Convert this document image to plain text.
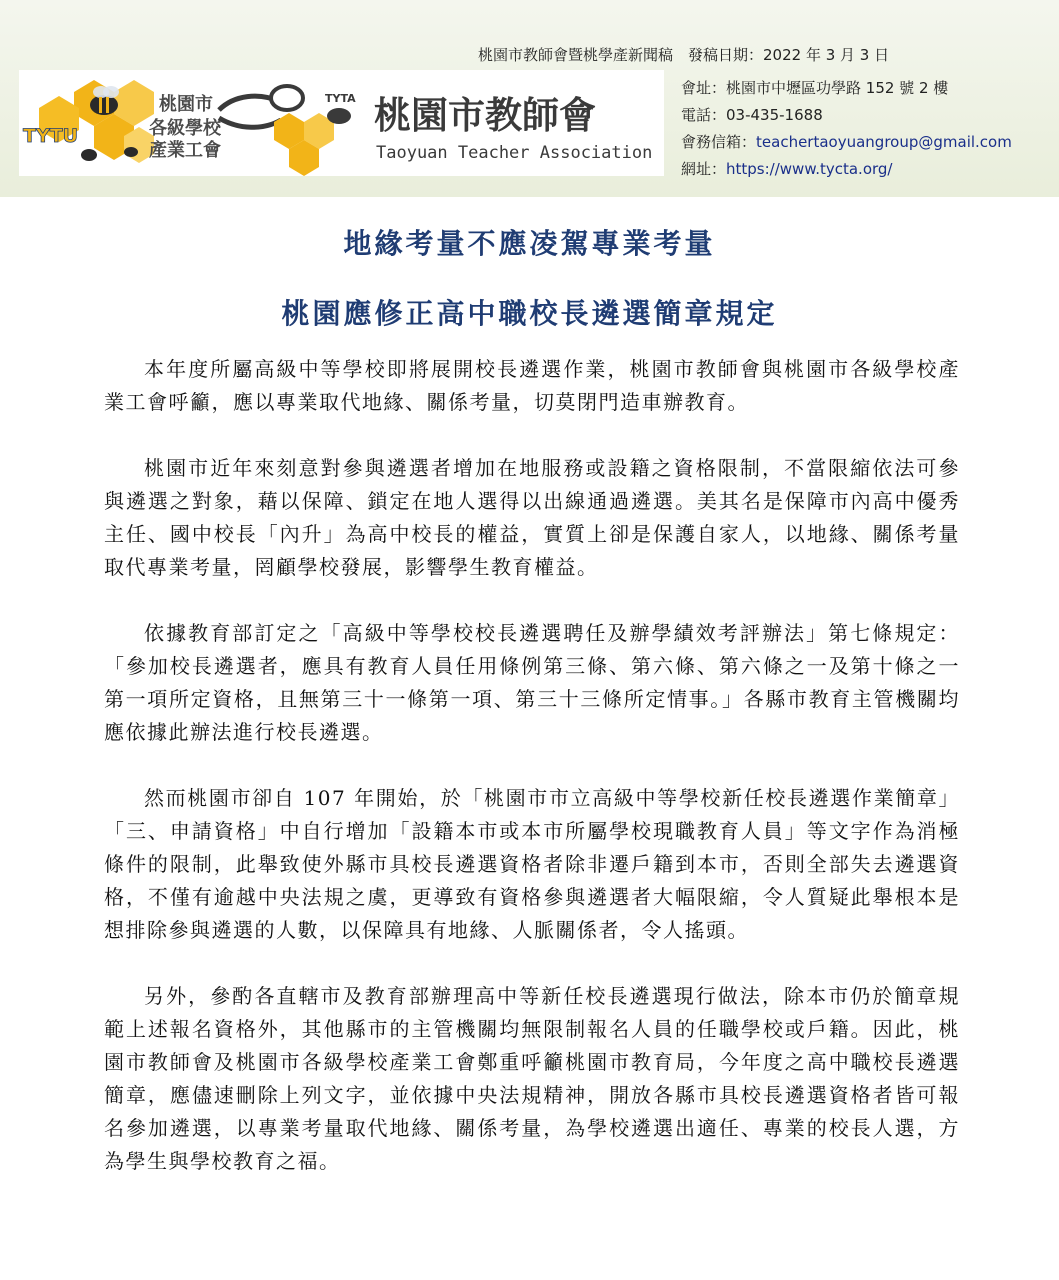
桃園市教師會暨桃學產新聞稿　發稿日期：2022 年 3 月 3 日
TYTU
桃園市
各級學校
產業工會
TYTA 桃園市教師會
Taoyuan Teacher Association
會址：桃園市中壢區功學路 152 號 2 樓
電話：03-435-1688
會務信箱：teachertaoyuangroup@gmail.com
網址：https://www.tycta.org/
地緣考量不應凌駕專業考量
桃園應修正高中職校長遴選簡章規定

本年度所屬高級中等學校即將展開校長遴選作業，桃園市教師會與桃園市各級學校產業工會呼籲，應以專業取代地緣、關係考量，切莫閉門造車辦教育。

桃園市近年來刻意對參與遴選者增加在地服務或設籍之資格限制，不當限縮依法可參與遴選之對象，藉以保障、鎖定在地人選得以出線通過遴選。美其名是保障市內高中優秀主任、國中校長「內升」為高中校長的權益，實質上卻是保護自家人，以地緣、關係考量取代專業考量，罔顧學校發展，影響學生教育權益。

依據教育部訂定之「高級中等學校校長遴選聘任及辦學績效考評辦法」第七條規定：「參加校長遴選者，應具有教育人員任用條例第三條、第六條、第六條之一及第十條之一第一項所定資格，且無第三十一條第一項、第三十三條所定情事。」各縣市教育主管機關均應依據此辦法進行校長遴選。

然而桃園市卻自 107 年開始，於「桃園市市立高級中等學校新任校長遴選作業簡章」「三、申請資格」中自行增加「設籍本市或本市所屬學校現職教育人員」等文字作為消極條件的限制，此舉致使外縣市具校長遴選資格者除非遷戶籍到本市，否則全部失去遴選資格，不僅有逾越中央法規之虞，更導致有資格參與遴選者大幅限縮，令人質疑此舉根本是想排除參與遴選的人數，以保障具有地緣、人脈關係者，令人搖頭。

另外，參酌各直轄市及教育部辦理高中等新任校長遴選現行做法，除本市仍於簡章規範上述報名資格外，其他縣市的主管機關均無限制報名人員的任職學校或戶籍。因此，桃園市教師會及桃園市各級學校產業工會鄭重呼籲桃園市教育局，今年度之高中職校長遴選簡章，應儘速刪除上列文字，並依據中央法規精神，開放各縣市具校長遴選資格者皆可報名參加遴選，以專業考量取代地緣、關係考量，為學校遴選出適任、專業的校長人選，方為學生與學校教育之福。
